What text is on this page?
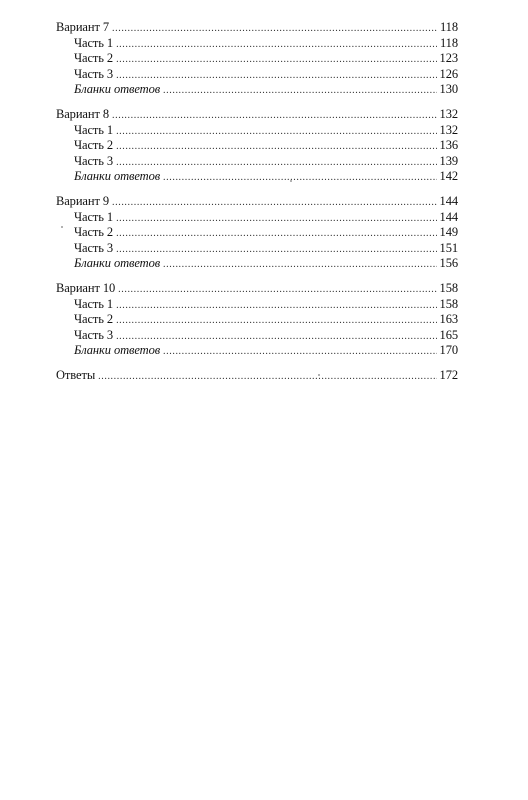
Вариант 7 .....	118
Часть 1 .....	118
Часть 2 .....	123
Часть 3 .....	126
Бланки ответов .....	130
Вариант 8 .....	132
Часть 1 .....	132
Часть 2 .....	136
Часть 3 .....	139
Бланки ответов .....	142
Вариант 9 .....	144
Часть 1 .....	144
Часть 2 .....	149
Часть 3 .....	151
Бланки ответов .....	156
Вариант 10 .....	158
Часть 1 .....	158
Часть 2 .....	163
Часть 3 .....	165
Бланки ответов .....	170
Ответы .....	172
